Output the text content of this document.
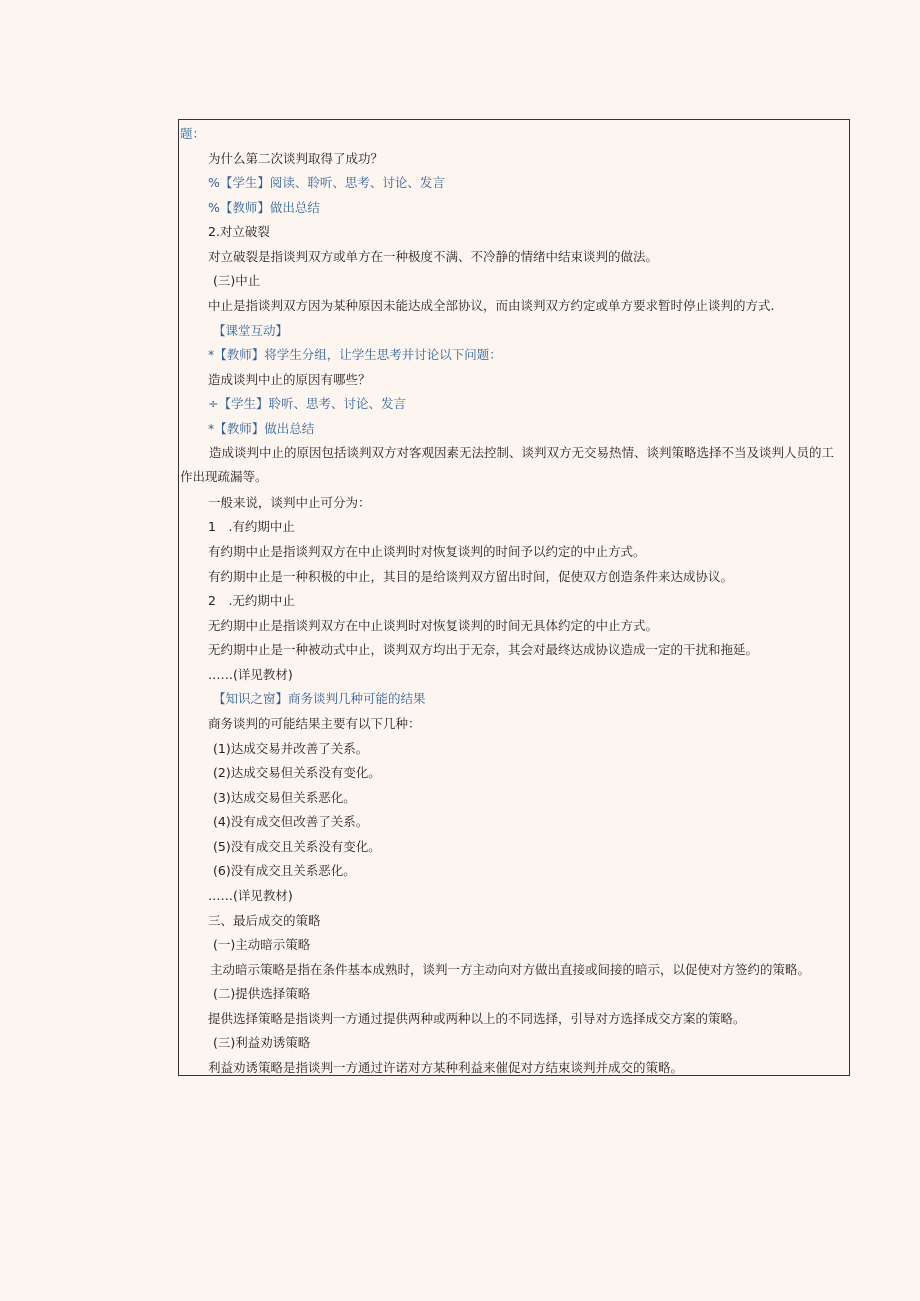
题：
为什么第二次谈判取得了成功？
%【学生】阅读、聆听、思考、讨论、发言
%【教师】做出总结
2.对立破裂
对立破裂是指谈判双方或单方在一种极度不满、不冷静的情绪中结束谈判的做法。
(三)中止
中止是指谈判双方因为某种原因未能达成全部协议，而由谈判双方约定或单方要求暂时停止谈判的方式.
【课堂互动】
*【教师】将学生分组，让学生思考并讨论以下问题：
造成谈判中止的原因有哪些？
÷【学生】聆听、思考、讨论、发言
*【教师】做出总结
造成谈判中止的原因包括谈判双方对客观因素无法控制、谈判双方无交易热情、谈判策略选择不当及谈判人员的工作出现疏漏等。
一般来说，谈判中止可分为：
1　.有约期中止
有约期中止是指谈判双方在中止谈判时对恢复谈判的时间予以约定的中止方式。
有约期中止是一种积极的中止，其目的是给谈判双方留出时间，促使双方创造条件来达成协议。
2　.无约期中止
无约期中止是指谈判双方在中止谈判时对恢复谈判的时间无具体约定的中止方式。
无约期中止是一种被动式中止，谈判双方均出于无奈，其会对最终达成协议造成一定的干扰和拖延。
……(详见教材)
【知识之窗】商务谈判几种可能的结果
商务谈判的可能结果主要有以下几种：
(1)达成交易并改善了关系。
(2)达成交易但关系没有变化。
(3)达成交易但关系恶化。
(4)没有成交但改善了关系。
(5)没有成交且关系没有变化。
(6)没有成交且关系恶化。
……(详见教材)
三、最后成交的策略
(一)主动暗示策略
主动暗示策略是指在条件基本成熟时，谈判一方主动向对方做出直接或间接的暗示，以促使对方签约的策略。
(二)提供选择策略
提供选择策略是指谈判一方通过提供两种或两种以上的不同选择，引导对方选择成交方案的策略。
(三)利益劝诱策略
利益劝诱策略是指谈判一方通过许诺对方某种利益来催促对方结束谈判并成交的策略。
